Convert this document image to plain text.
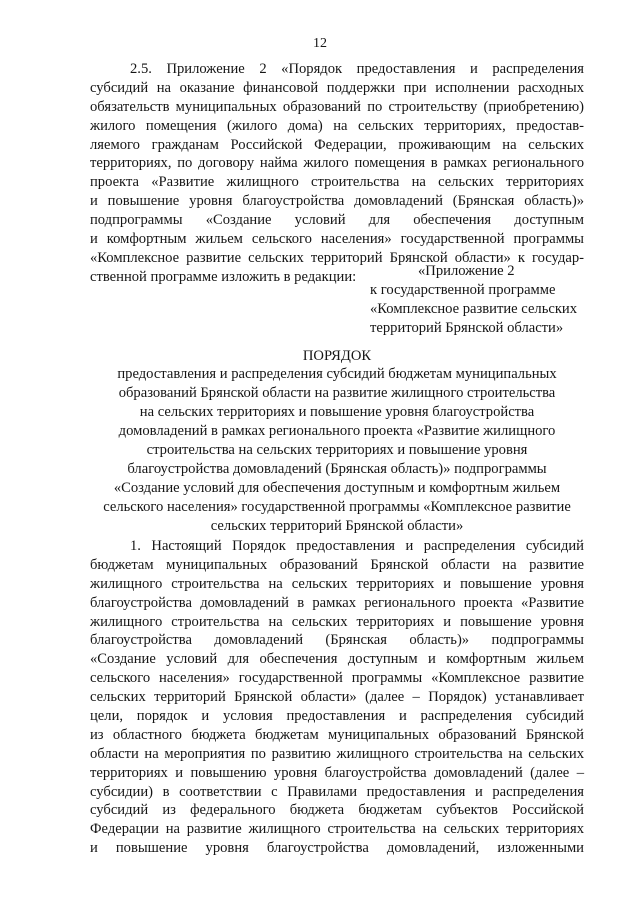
12
2.5. Приложение 2 «Порядок предоставления и распределения
субсидий на оказание финансовой поддержки при исполнении расходных
обязательств муниципальных образований по строительству (приобретению)
жилого помещения (жилого дома) на сельских территориях, предостав-
ляемого гражданам Российской Федерации, проживающим на сельских
территориях, по договору найма жилого помещения в рамках регионального
проекта «Развитие жилищного строительства на сельских территориях
и повышение уровня благоустройства домовладений (Брянская область)»
подпрограммы «Создание условий для обеспечения доступным
и комфортным жильем сельского населения» государственной программы
«Комплексное развитие сельских территорий Брянской области» к государ-
ственной программе изложить в редакции:	«Приложение 2
к государственной программе
«Комплексное развитие сельских
территорий Брянской области»
ПОРЯДОК
предоставления и распределения субсидий бюджетам муниципальных
образований Брянской области на развитие жилищного строительства
на сельских территориях и повышение уровня благоустройства
домовладений в рамках регионального проекта «Развитие жилищного
строительства на сельских территориях и повышение уровня
благоустройства домовладений (Брянская область)» подпрограммы
«Создание условий для обеспечения доступным и комфортным жильем
сельского населения» государственной программы «Комплексное развитие
сельских территорий Брянской области»
1. Настоящий Порядок предоставления и распределения субсидий
бюджетам муниципальных образований Брянской области на развитие
жилищного строительства на сельских территориях и повышение уровня
благоустройства домовладений в рамках регионального проекта «Развитие
жилищного строительства на сельских территориях и повышение уровня
благоустройства домовладений (Брянская область)» подпрограммы
«Создание условий для обеспечения доступным и комфортным жильем
сельского населения» государственной программы «Комплексное развитие
сельских территорий Брянской области» (далее – Порядок) устанавливает
цели, порядок и условия предоставления и распределения субсидий
из областного бюджета бюджетам муниципальных образований Брянской
области на мероприятия по развитию жилищного строительства на сельских
территориях и повышению уровня благоустройства домовладений (далее –
субсидии) в соответствии с Правилами предоставления и распределения
субсидий из федерального бюджета бюджетам субъектов Российской
Федерации на развитие жилищного строительства на сельских территориях
и повышение уровня благоустройства домовладений, изложенными
